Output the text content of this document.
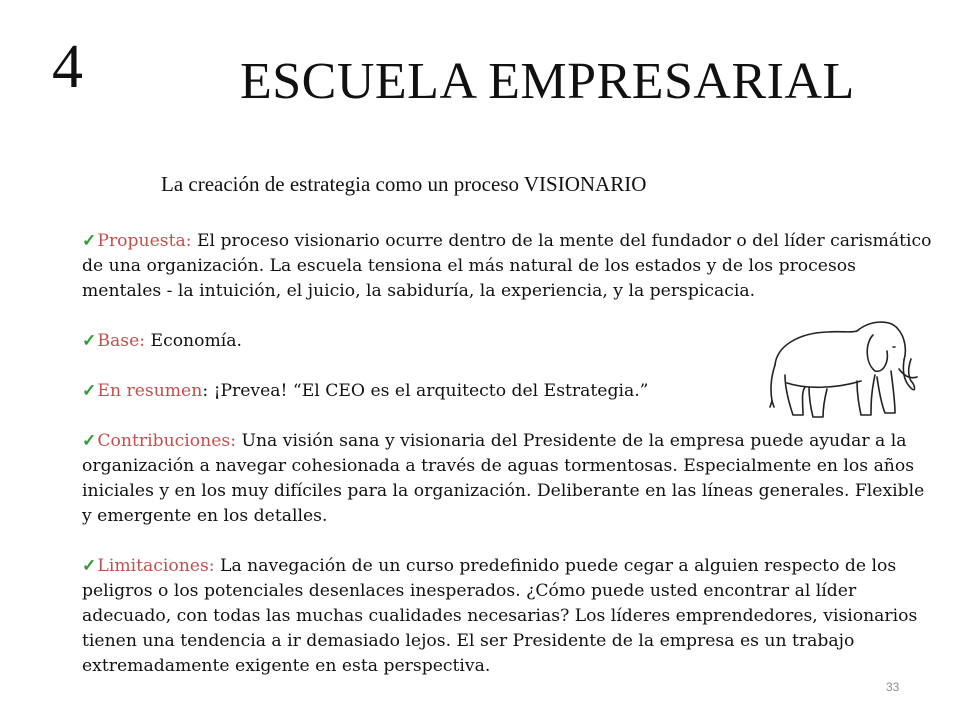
4	ESCUELA EMPRESARIAL
La creación de estrategia como un proceso VISIONARIO

✓Propuesta: El proceso visionario ocurre dentro de la mente del fundador o del líder carismático de una organización. La escuela tensiona el más natural de los estados y de los procesos mentales - la intuición, el juicio, la sabiduría, la experiencia, y la perspicacia.

✓Base: Economía.

✓En resumen: ¡Prevea! “El CEO es el arquitecto del Estrategia.”

✓Contribuciones: Una visión sana y visionaria del Presidente de la empresa puede ayudar a la organización a navegar cohesionada a través de aguas tormentosas. Especialmente en los años iniciales y en los muy difíciles para la organización. Deliberante en las líneas generales. Flexible y emergente en los detalles.

✓Limitaciones: La navegación de un curso predefinido puede cegar a alguien respecto de los peligros o los potenciales desenlaces inesperados. ¿Cómo puede usted encontrar al líder adecuado, con todas las muchas cualidades necesarias? Los líderes emprendedores, visionarios tienen una tendencia a ir demasiado lejos. El ser Presidente de la empresa es un trabajo extremadamente exigente en esta perspectiva.

33
